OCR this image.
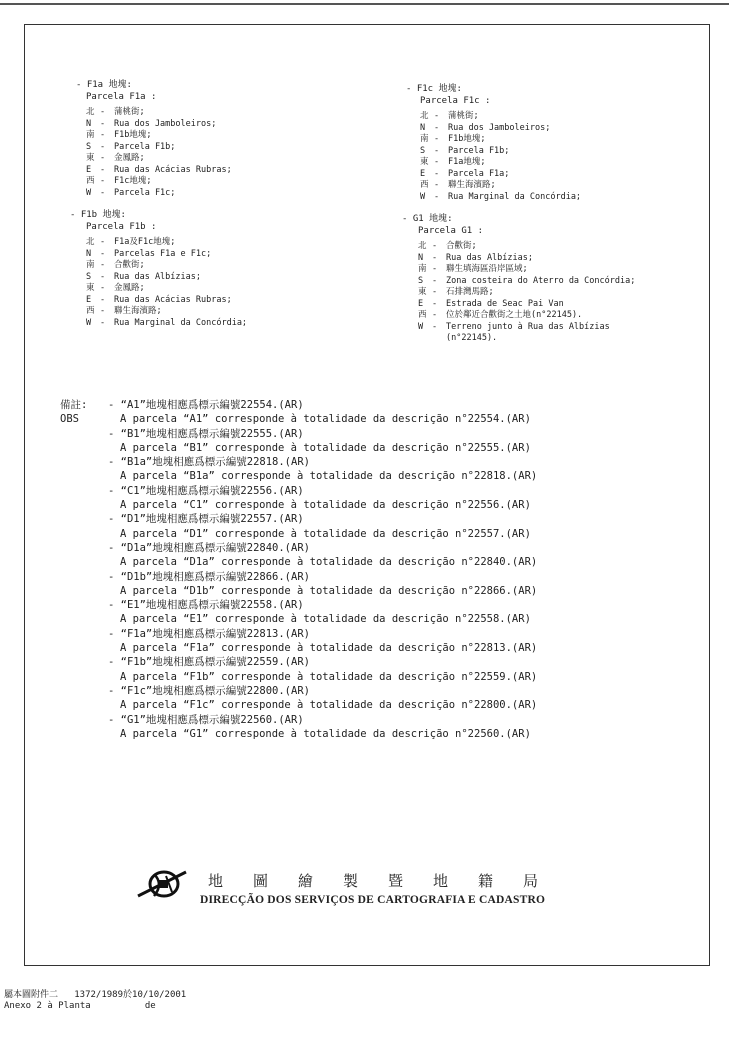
- F1a 地塊:
Parcela F1a :
北 -	蒲桃街;
N	-	Rua dos Jamboleiros;
南 -	F1b地塊;
S	-	Parcela F1b;
東 -	金鳳路;
E	-	Rua das Acácias Rubras;
西 -	F1c地塊;
W	-	Parcela F1c;
- F1b 地塊:
Parcela F1b :
北 -	F1a及F1c地塊;
N	-	Parcelas F1a e F1c;
南 -	合歡街;
S	-	Rua das Albízias;
東 -	金鳳路;
E	-	Rua das Acácias Rubras;
西 -	聯生海濱路;
W	-	Rua Marginal da Concórdia;
- F1c 地塊:
Parcela F1c :
北 -	蒲桃街;
N	-	Rua dos Jamboleiros;
南 -	F1b地塊;
S	-	Parcela F1b;
東 -	F1a地塊;
E	-	Parcela F1a;
西 -	聯生海濱路;
W	-	Rua Marginal da Concórdia;
- G1 地塊:
Parcela G1 :
北 -	合歡街;
N	-	Rua das Albízias;
南 -	聯生填海區沿岸區域;
S	-	Zona costeira do Aterro da Concórdia;
東 -	石排灣馬路;
E	-	Estrada de Seac Pai Van
西 -	位於鄰近合歡街之土地(n°22145).
W	-	Terreno junto à Rua das Albízias
(n°22145).
備註:
OBS
- “A1”地塊相應爲標示編號22554.(AR)
A parcela “A1” corresponde à totalidade da descrição n°22554.(AR)
- “B1”地塊相應爲標示編號22555.(AR)
A parcela “B1” corresponde à totalidade da descrição n°22555.(AR)
- “B1a”地塊相應爲標示編號22818.(AR)
A parcela “B1a” corresponde à totalidade da descrição n°22818.(AR)
- “C1”地塊相應爲標示編號22556.(AR)
A parcela “C1” corresponde à totalidade da descrição n°22556.(AR)
- “D1”地塊相應爲標示編號22557.(AR)
A parcela “D1” corresponde à totalidade da descrição n°22557.(AR)
- “D1a”地塊相應爲標示編號22840.(AR)
A parcela “D1a” corresponde à totalidade da descrição n°22840.(AR)
- “D1b”地塊相應爲標示編號22866.(AR)
A parcela “D1b” corresponde à totalidade da descrição n°22866.(AR)
- “E1”地塊相應爲標示編號22558.(AR)
A parcela “E1” corresponde à totalidade da descrição n°22558.(AR)
- “F1a”地塊相應爲標示編號22813.(AR)
A parcela “F1a” corresponde à totalidade da descrição n°22813.(AR)
- “F1b”地塊相應爲標示編號22559.(AR)
A parcela “F1b” corresponde à totalidade da descrição n°22559.(AR)
- “F1c”地塊相應爲標示編號22800.(AR)
A parcela “F1c” corresponde à totalidade da descrição n°22800.(AR)
- “G1”地塊相應爲標示編號22560.(AR)
A parcela “G1” corresponde à totalidade da descrição n°22560.(AR)
地圖繪製暨地籍局
DIRECÇÃO DOS SERVIÇOS DE CARTOGRAFIA E CADASTRO
屬本圖附件二   1372/1989於10/10/2001
Anexo 2 à Planta          de
